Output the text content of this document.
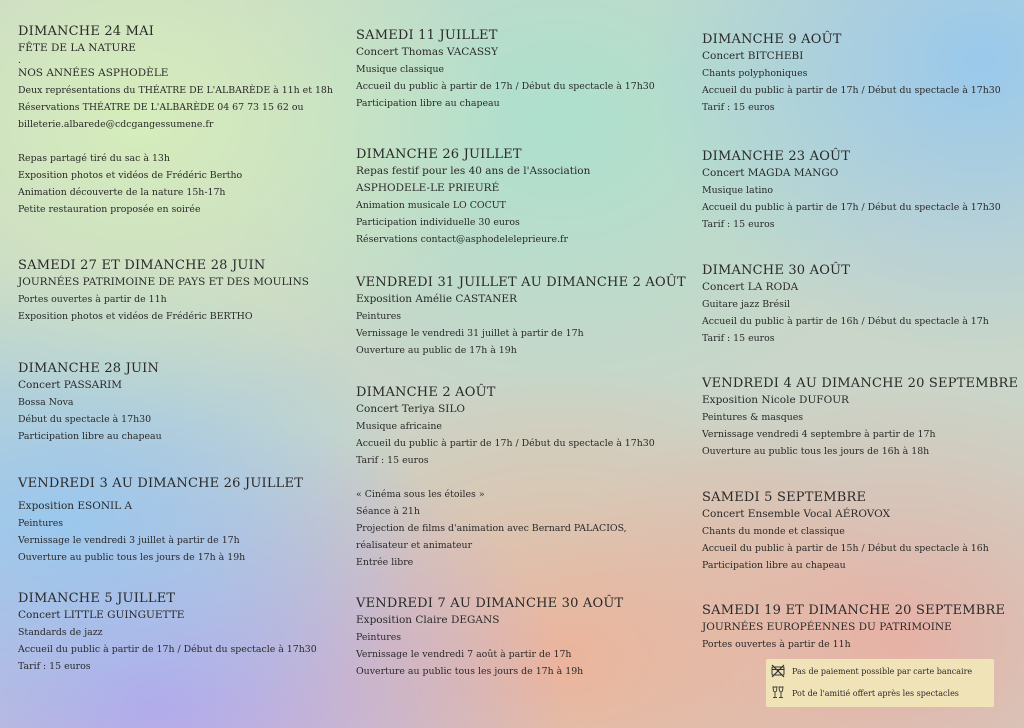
DIMANCHE 24 MAI
FÊTE DE LA NATURE
.
NOS ANNÉES ASPHODÈLE
Deux représentations du THÉATRE DE L'ALBARÈDE à 11h et 18h
Réservations THÉATRE DE L'ALBARÈDE 04 67 73 15 62 ou
billeterie.albarede@cdcgangessumene.fr
Repas partagé tiré du sac à 13h
Exposition photos et vidéos de Frédéric Bertho
Animation découverte de la nature 15h-17h
Petite restauration proposée en soirée
SAMEDI 27 ET DIMANCHE 28 JUIN
JOURNÉES PATRIMOINE DE PAYS ET DES MOULINS
Portes ouvertes à partir de 11h
Exposition photos et vidéos de Frédéric BERTHO
DIMANCHE 28 JUIN
Concert PASSARIM
Bossa Nova
Début du spectacle à 17h30
Participation libre au chapeau
VENDREDI 3 AU DIMANCHE 26 JUILLET
Exposition ESONIL A
Peintures
Vernissage le vendredi 3 juillet à partir de 17h
Ouverture au public tous les jours de 17h à 19h
DIMANCHE 5 JUILLET
Concert LITTLE GUINGUETTE
Standards de jazz
Accueil du public à partir de 17h / Début du spectacle à 17h30
Tarif : 15 euros
SAMEDI 11 JUILLET
Concert Thomas VACASSY
Musique classique
Accueil du public à partir de 17h / Début du spectacle à 17h30
Participation libre au chapeau
DIMANCHE 26 JUILLET
Repas festif pour les 40 ans de l'Association
ASPHODELE-LE PRIEURÉ
Animation musicale LO COCUT
Participation individuelle 30 euros
Réservations contact@asphodeleleprieure.fr
VENDREDI 31 JUILLET AU DIMANCHE 2 AOÛT
Exposition Amélie CASTANER
Peintures
Vernissage le vendredi 31 juillet à partir de 17h
Ouverture au public de 17h à 19h
DIMANCHE 2 AOÛT
Concert Teriya SILO
Musique africaine
Accueil du public à partir de 17h / Début du spectacle à 17h30
Tarif : 15 euros
« Cinéma sous les étoiles »
Séance à 21h
Projection de films d'animation avec Bernard PALACIOS,
réalisateur et animateur
Entrée libre
VENDREDI 7 AU DIMANCHE 30 AOÛT
Exposition Claire DEGANS
Peintures
Vernissage le vendredi 7 août à partir de 17h
Ouverture au public tous les jours de 17h à 19h
DIMANCHE 9 AOÛT
Concert BITCHEBI
Chants polyphoniques
Accueil du public à partir de 17h / Début du spectacle à 17h30
Tarif : 15 euros
DIMANCHE 23 AOÛT
Concert MAGDA MANGO
Musique latino
Accueil du public à partir de 17h / Début du spectacle à 17h30
Tarif : 15 euros
DIMANCHE 30 AOÛT
Concert LA RODA
Guitare jazz Brésil
Accueil du public à partir de 16h / Début du spectacle à 17h
Tarif : 15 euros
VENDREDI 4 AU DIMANCHE 20 SEPTEMBRE
Exposition Nicole DUFOUR
Peintures & masques
Vernissage vendredi 4 septembre à partir de 17h
Ouverture au public tous les jours de 16h à 18h
SAMEDI 5 SEPTEMBRE
Concert Ensemble Vocal AÉROVOX
Chants du monde et classique
Accueil du public à partir de 15h / Début du spectacle à 16h
Participation libre au chapeau
SAMEDI 19 ET DIMANCHE 20 SEPTEMBRE
JOURNÉES EUROPÉENNES DU PATRIMOINE
Portes ouvertes à partir de 11h
Pas de paiement possible par carte bancaire
Pot de l'amitié offert après les spectacles
